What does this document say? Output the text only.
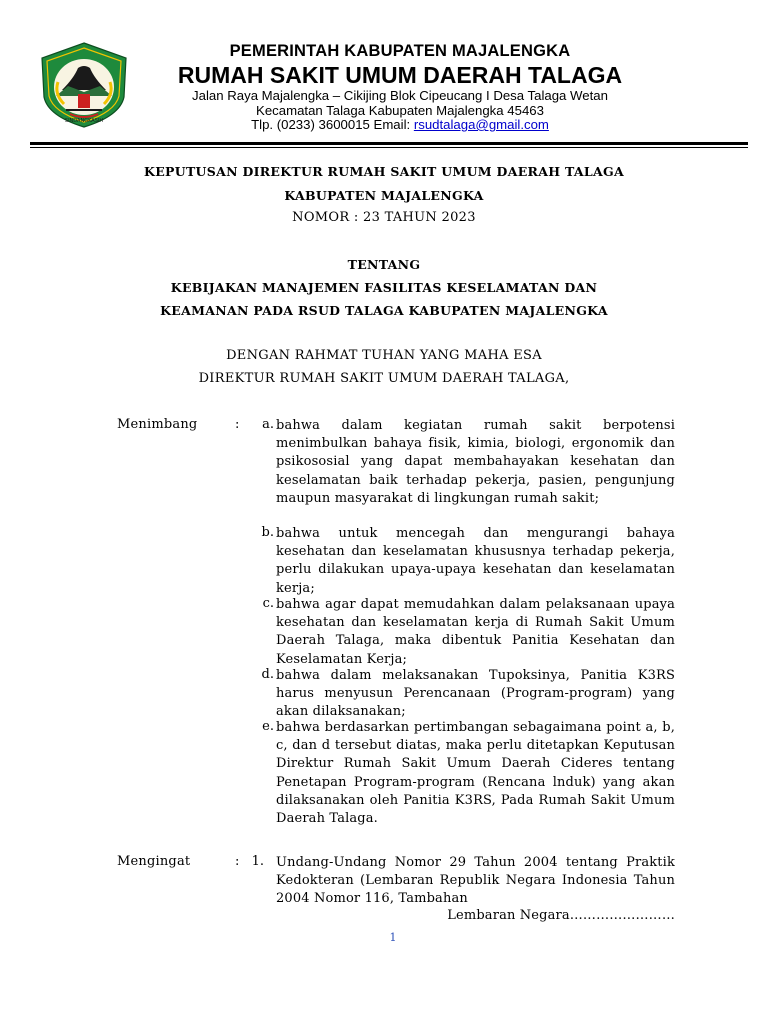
SINDANGKASIH
PEMERINTAH KABUPATEN MAJALENGKA
RUMAH SAKIT UMUM DAERAH TALAGA
Jalan Raya Majalengka – Cikijing Blok Cipeucang I Desa Talaga Wetan
Kecamatan Talaga Kabupaten Majalengka 45463
Tlp. (0233) 3600015 Email: rsudtalaga@gmail.com
KEPUTUSAN DIREKTUR RUMAH SAKIT UMUM DAERAH TALAGA
KABUPATEN MAJALENGKA
NOMOR : 23 TAHUN 2023
TENTANG
KEBIJAKAN MANAJEMEN FASILITAS KESELAMATAN DAN
KEAMANAN PADA RSUD TALAGA KABUPATEN MAJALENGKA
DENGAN RAHMAT TUHAN YANG MAHA ESA
DIREKTUR RUMAH SAKIT UMUM DAERAH TALAGA,
Menimbang	:	a. bahwa dalam kegiatan rumah sakit berpotensi menimbulkan bahaya fisik, kimia, biologi, ergonomik dan psikososial yang dapat membahayakan kesehatan dan keselamatan baik terhadap pekerja, pasien, pengunjung maupun masyarakat di lingkungan rumah sakit;
b. bahwa untuk mencegah dan mengurangi bahaya kesehatan dan keselamatan khususnya terhadap pekerja, perlu dilakukan upaya-upaya kesehatan dan keselamatan kerja;
c. bahwa agar dapat memudahkan dalam pelaksanaan upaya kesehatan dan keselamatan kerja di Rumah Sakit Umum Daerah Talaga, maka dibentuk Panitia Kesehatan dan Keselamatan Kerja;
d. bahwa dalam melaksanakan Tupoksinya, Panitia K3RS harus menyusun Perencanaan (Program-program) yang akan dilaksanakan;
e. bahwa berdasarkan pertimbangan sebagaimana point a, b, c, dan d tersebut diatas, maka perlu ditetapkan Keputusan Direktur Rumah Sakit Umum Daerah Cideres tentang Penetapan Program-program (Rencana lnduk) yang akan dilaksanakan oleh Panitia K3RS, Pada Rumah Sakit Umum Daerah Talaga.
Mengingat	: 1. Undang-Undang Nomor 29 Tahun 2004 tentang Praktik Kedokteran (Lembaran Republik Negara Indonesia Tahun 2004 Nomor 116, Tambahan
Lembaran Negara……………………
1
